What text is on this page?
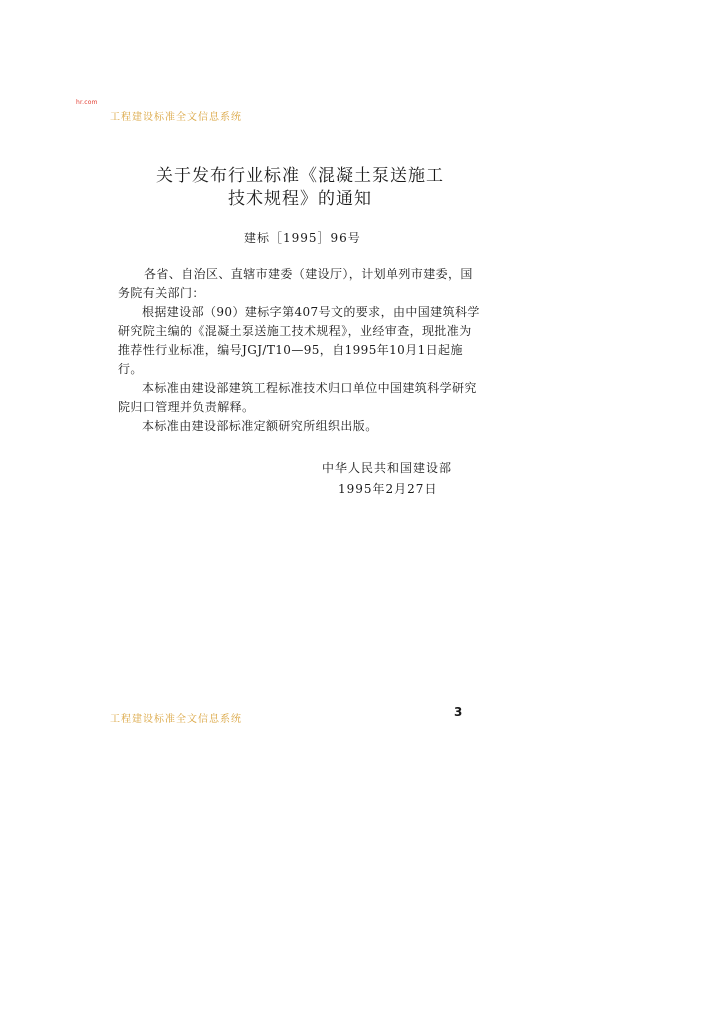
hr.com
工程建设标准全文信息系统
关于发布行业标准《混凝土泵送施工
技术规程》的通知
建标［1995］96号

各省、自治区、直辖市建委（建设厅），计划单列市建委，国务院有关部门：

根据建设部（90）建标字第407号文的要求，由中国建筑科学研究院主编的《混凝土泵送施工技术规程》，业经审查，现批准为推荐性行业标准，编号JGJ/T10—95，自1995年10月1日起施行。

本标准由建设部建筑工程标准技术归口单位中国建筑科学研究院归口管理并负责解释。

本标准由建设部标准定额研究所组织出版。

中华人民共和国建设部
1995年2月27日
工程建设标准全文信息系统
3
